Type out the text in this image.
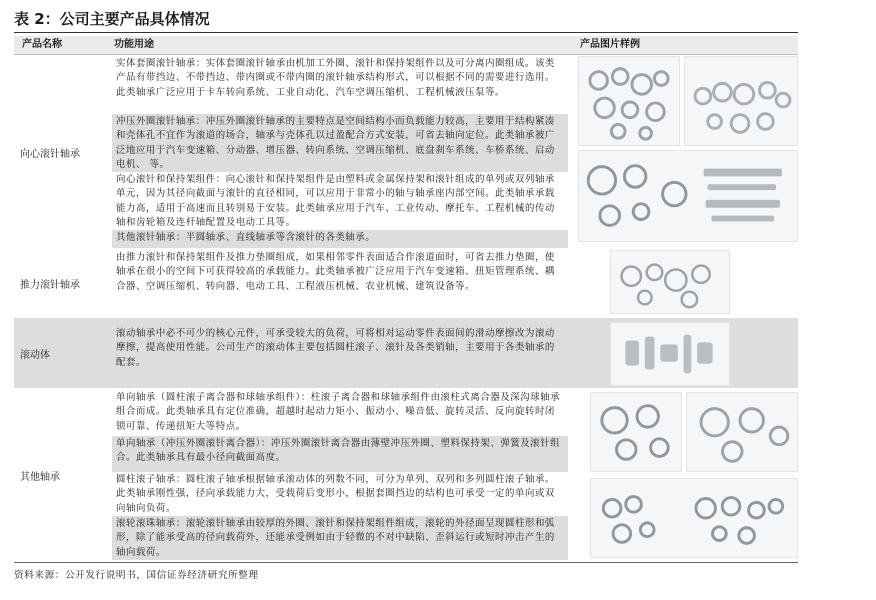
表 2：公司主要产品具体情况
产品名称	功能用途	产品图片样例
向心滚针轴承
实体套圈滚针轴承：实体套圈滚针轴承由机加工外圈、滚针和保持架组件以及可分离内圈组成。该类产品有带挡边、不带挡边、带内圈或不带内圈的滚针轴承结构形式，可以根据不同的需要进行选用。此类轴承广泛应用于卡车转向系统、工业自动化、汽车空调压缩机、工程机械液压泵等。
冲压外圈滚针轴承：冲压外圈滚针轴承的主要特点是空间结构小而负载能力较高，主要用于结构紧凑和壳体孔不宜作为滚道的场合，轴承与壳体孔以过盈配合方式安装，可省去轴向定位。此类轴承被广泛地应用于汽车变速箱、分动器、增压器、转向系统、空调压缩机、底盘刹车系统、车桥系统、启动电机、 等。
向心滚针和保持架组件：向心滚针和保持架组件是由塑料或金属保持架和滚针组成的单列或双列轴承单元，因为其径向截面与滚针的直径相同，可以应用于非常小的轴与轴承座内部空间。此类轴承承载能力高，适用于高速而且转别易于安装。此类轴承应用于汽车、工业传动、摩托车、工程机械的传动轴和齿轮箱及连杆轴配置及电动工具等。
其他滚针轴承：半圆轴承、直线轴承等含滚针的各类轴承。
推力滚针轴承
由推力滚针和保持架组件及推力垫圈组成，如果相邻零件表面适合作滚道面时，可省去推力垫圈，使轴承在很小的空间下可获得较高的承载能力。此类轴承被广泛应用于汽车变速箱、扭矩管理系统、耦合器、空调压缩机、转向器、电动工具、工程液压机械、农业机械、建筑设备等。
滚动体
滚动轴承中必不可少的核心元件，可承受较大的负荷，可将相对运动零件表面间的滑动摩擦改为滚动摩擦，提高使用性能。公司生产的滚动体主要包括圆柱滚子、滚针及各类销轴，主要用于各类轴承的配套。
其他轴承
单向轴承（圆柱滚子离合器和球轴承组件）：柱滚子离合器和球轴承组件由滚柱式离合器及深沟球轴承组合而成。此类轴承具有定位准确，超越时起动力矩小、振动小、噪音低、旋转灵活、反向旋转时闭锁可靠、传递扭矩大等特点。
单向轴承（冲压外圈滚针离合器）：冲压外圈滚针离合器由薄壁冲压外圈、塑料保持架、弹簧及滚针组合。此类轴承具有最小径向截面高度。
圆柱滚子轴承：圆柱滚子轴承根据轴承滚动体的列数不同，可分为单列、双列和多列圆柱滚子轴承。此类轴承刚性强，径向承载能力大，受载荷后变形小，根据套圈挡边的结构也可承受一定的单向或双向轴向负荷。
滚轮滚珠轴承：滚轮滚针轴承由较厚的外圈、滚针和保持架组件组成，滚轮的外径面呈现圆柱形和弧形，除了能承受高的径向载荷外，还能承受例如由于轻微的不对中缺陷、歪斜运行或短时冲击产生的轴向载荷。
资料来源：公开发行说明书，国信证券经济研究所整理
